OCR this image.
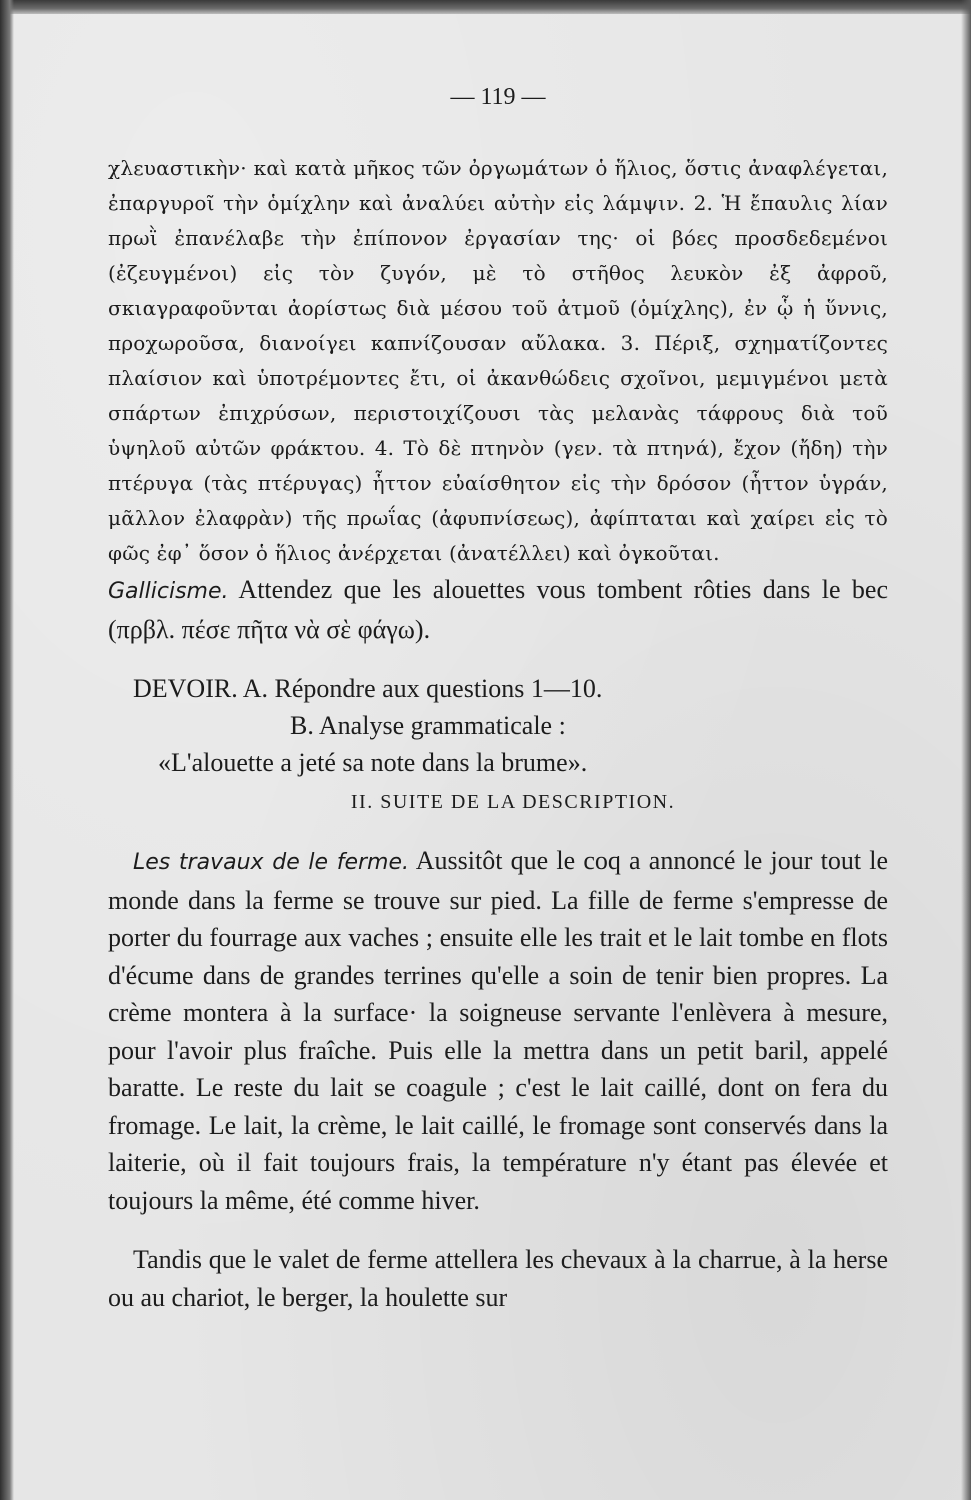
— 119 —

χλευαστικὴν· καὶ κατὰ μῆκος τῶν ὀργωμάτων ὁ ἥλιος, ὅστις ἀναφλέγεται, ἐπαργυροῖ τὴν ὁμίχλην καὶ ἀναλύει αὐτὴν εἰς λάμψιν. 2. Ἡ ἔπαυλις λίαν πρωῒ ἐπανέλαβε τὴν ἐπίπονον ἐργασίαν της· οἱ βόες προσδεδεμένοι (ἐζευγμένοι) εἰς τὸν ζυγόν, μὲ τὸ στῆθος λευκὸν ἐξ ἀφροῦ, σκιαγραφοῦνται ἀορίστως διὰ μέσου τοῦ ἀτμοῦ (ὁμίχλης), ἐν ᾧ ἡ ὕννις, προχωροῦσα, διανοίγει καπνίζουσαν αὔλακα. 3. Πέριξ, σχηματίζοντες πλαίσιον καὶ ὑποτρέμοντες ἔτι, οἱ ἀκανθώδεις σχοῖνοι, μεμιγμένοι μετὰ σπάρτων ἐπιχρύσων, περιστοιχίζουσι τὰς μελανὰς τάφρους διὰ τοῦ ὑψηλοῦ αὐτῶν φράκτου. 4. Τὸ δὲ πτηνὸν (γεν. τὰ πτηνά), ἔχον (ἤδη) τὴν πτέρυγα (τὰς πτέρυγας) ἧττον εὐαίσθητον εἰς τὴν δρόσον (ἧττον ὑγράν, μᾶλλον ἐλαφρὰν) τῆς πρωΐας (ἀφυπνίσεως), ἀφίπταται καὶ χαίρει εἰς τὸ φῶς ἐφ᾽ ὅσον ὁ ἥλιος ἀνέρχεται (ἀνατέλλει) καὶ ὀγκοῦται.

Gallicisme. Attendez que les alouettes vous tombent rôties dans le bec (πρβλ. πέσε πῆτα νὰ σὲ φάγω).

DEVOIR. A. Répondre aux questions 1—10.
B. Analyse grammaticale :
«L'alouette a jeté sa note dans la brume».
II. SUITE DE LA DESCRIPTION.

Les travaux de le ferme. Aussitôt que le coq a annoncé le jour tout le monde dans la ferme se trouve sur pied. La fille de ferme s'empresse de porter du fourrage aux vaches ; ensuite elle les trait et le lait tombe en flots d'écume dans de grandes terrines qu'elle a soin de tenir bien propres. La crème montera à la surface· la soigneuse servante l'enlèvera à mesure, pour l'avoir plus fraîche. Puis elle la mettra dans un petit baril, appelé baratte. Le reste du lait se coagule ; c'est le lait caillé, dont on fera du fromage. Le lait, la crème, le lait caillé, le fromage sont conservés dans la laiterie, où il fait toujours frais, la température n'y étant pas élevée et toujours la même, été comme hiver.

Tandis que le valet de ferme attellera les chevaux à la charrue, à la herse ou au chariot, le berger, la houlette sur
